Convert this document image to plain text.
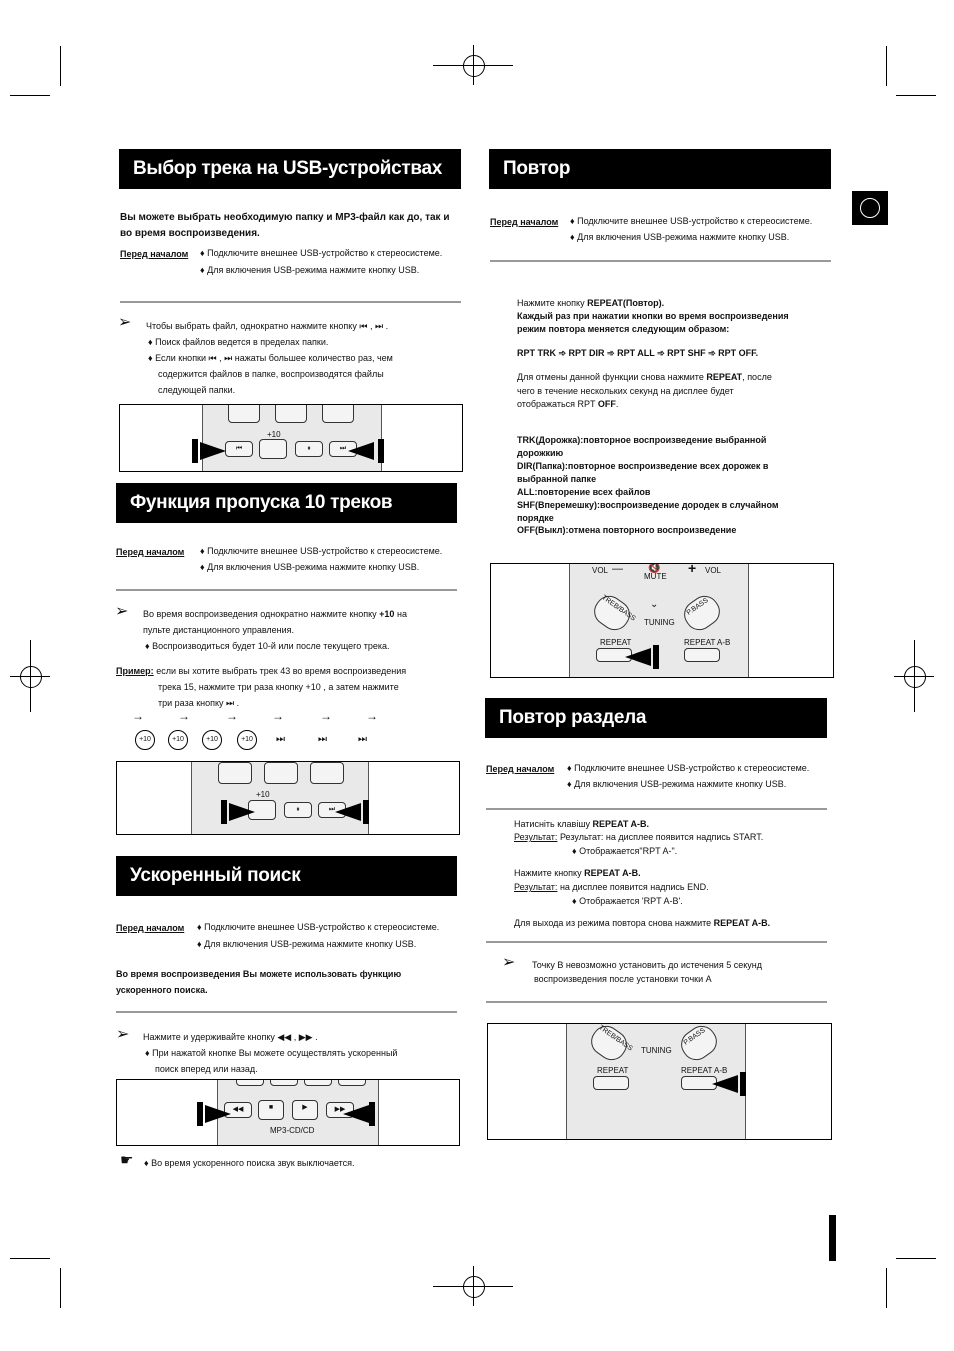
Выбор трека на USB-устройствах
Вы можете выбрать необходимую папку и MP3-файл как до, так и
во время воспроизведения.
Перед началом ♦ Подключите внешнее USB-устройство к стереосистеме.
♦ Для включения USB-режима нажмите кнопку USB.
➢ Чтобы выбрать файл, однократно нажмите кнопку ⏮ , ⏭ .
♦ Поиск файлов ведется в пределах папки.
♦ Если кнопки ⏮ , ⏭ нажаты большее количество раз, чем
содержится файлов в папке, воспроизводятся файлы
следующей папки.
+10
⏮	⏸	⏭
Функция пропуска 10 треков
Перед началом ♦ Подключите внешнее USB-устройство к стереосистеме.
♦ Для включения USB-режима нажмите кнопку USB.
➢ Во время воспроизведения однократно нажмите кнопку +10 на
пульте дистанционного управления.
♦ Воспроизводиться будет 10-й или после текущего трека.
Пример: если вы хотите выбрать трек 43 во время воспроизведения
трека 15, нажмите три раза кнопку +10 , а затем нажмите
три раза кнопку ⏭ .
→	→	→	→	→	→
+10	+10	+10	+10	⏭	⏭	⏭
+10
⏸	⏭
Ускоренный поиск
Перед началом ♦ Подключите внешнее USB-устройство к стереосистеме.
♦ Для включения USB-режима нажмите кнопку USB.
Во время воспроизведения Вы можете использовать функцию
ускоренного поиска.
➢ Нажмите и удерживайте кнопку ◀◀ , ▶▶ .
♦ При нажатой кнопке Вы можете осуществлять ускоренный
поиск вперед или назад.
◀◀	■	▶	▶▶
MP3-CD/CD
☛ ♦ Во время ускоренного поиска звук выключается.
Повтор
Перед началом ♦ Подключите внешнее USB-устройство к стереосистеме.
♦ Для включения USB-режима нажмите кнопку USB.
Нажмите кнопку REPEAT(Повтор).
Каждый раз при нажатии кнопки во время воспроизведения
режим повтора меняется следующим образом:
RPT TRK ➾ RPT DIR ➾ RPT ALL ➾ RPT SHF ➾ RPT OFF.
Для отмены данной функции снова нажмите REPEAT, после
чего в течение нескольких секунд на дисплее будет
отображаться RPT OFF.
TRK(Дорожка):повторное воспроизведение выбранной
дорожкию
DIR(Папка):повторное воспроизведение всех дорожек в
выбранной папке
ALL:повторение всех файлов
SHF(Вперемешку):воспроизведение дородек в случайном
порядке
OFF(Выкл):отмена повторного воспроизведение
VOL —	🔇
MUTE
+ VOL
TREB/BASS ⌄
TUNING
P.BASS
REPEAT	REPEAT A-B
Повтор раздела
Перед началом ♦ Подключите внешнее USB-устройство к стереосистеме.
♦ Для включения USB-режима нажмите кнопку USB.
Натисніть клавішу REPEAT A-B.
Результат: Результат: на дисплее появится надпись START.
♦ Отображается"RPT A-".
Нажмите кнопку REPEAT A-B.
Результат: на дисплее появится надпись END.
♦ Отображается 'RPT A-B'.
Для выхода из режима повтора снова нажмите REPEAT A-B.
➢ Точку B невозможно установить до истечения 5 секунд
воспроизведения после установки точки A
TREB/BASS TUNING
P.BASS
REPEAT	REPEAT A-B
